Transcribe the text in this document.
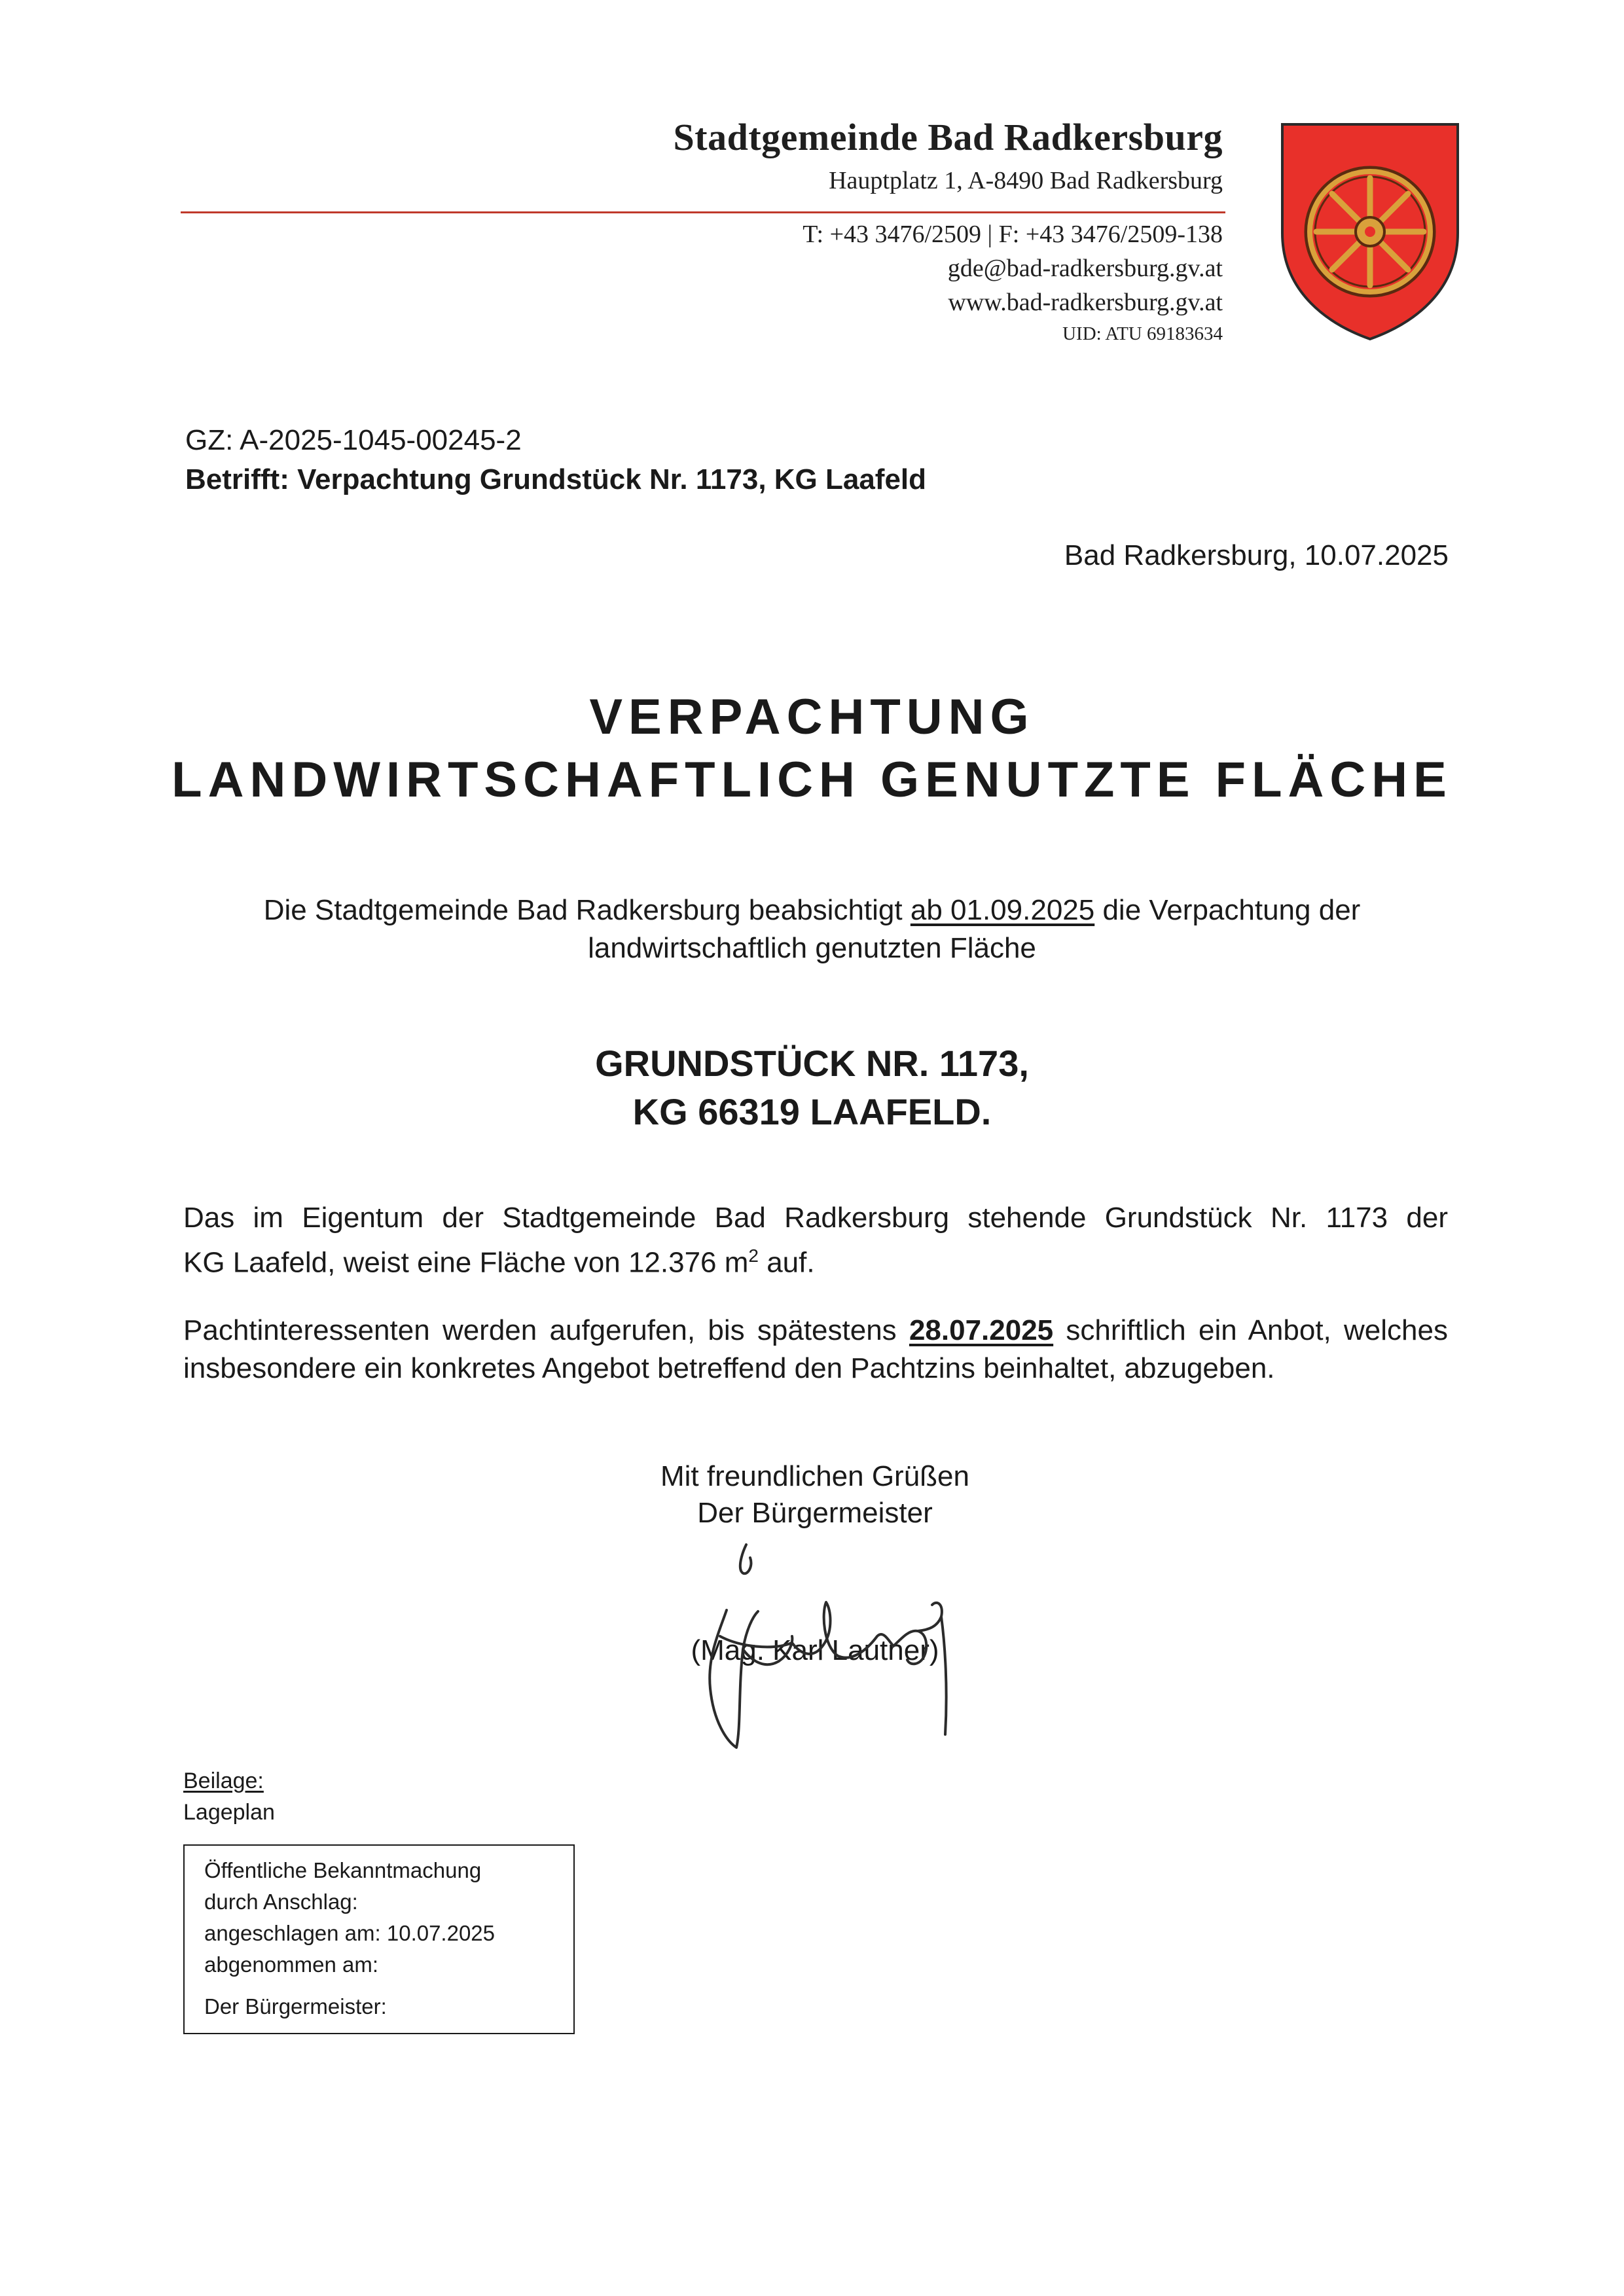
Stadtgemeinde Bad Radkersburg
Hauptplatz 1, A-8490 Bad Radkersburg
T: +43 3476/2509 | F: +43 3476/2509-138
gde@bad-radkersburg.gv.at
www.bad-radkersburg.gv.at
UID: ATU 69183634
GZ: A-2025-1045-00245-2
Betrifft: Verpachtung Grundstück Nr. 1173, KG Laafeld
Bad Radkersburg, 10.07.2025
VERPACHTUNG
LANDWIRTSCHAFTLICH GENUTZTE FLÄCHE
Die Stadtgemeinde Bad Radkersburg beabsichtigt ab 01.09.2025 die Verpachtung der
landwirtschaftlich genutzten Fläche
GRUNDSTÜCK NR. 1173,
KG 66319 LAAFELD.
Das im Eigentum der Stadtgemeinde Bad Radkersburg stehende Grundstück Nr. 1173 der
KG Laafeld, weist eine Fläche von 12.376 $m^2$ auf.
Pachtinteressenten werden aufgerufen, bis spätestens 28.07.2025 schriftlich ein Anbot, welches
insbesondere ein konkretes Angebot betreffend den Pachtzins beinhaltet, abzugeben.
Mit freundlichen Grüßen
Der Bürgermeister
(Mag. Karl Lautner)
Beilage:
Lageplan
Öffentliche Bekanntmachung
durch Anschlag:
angeschlagen am: 10.07.2025
abgenommen am:
Der Bürgermeister:
